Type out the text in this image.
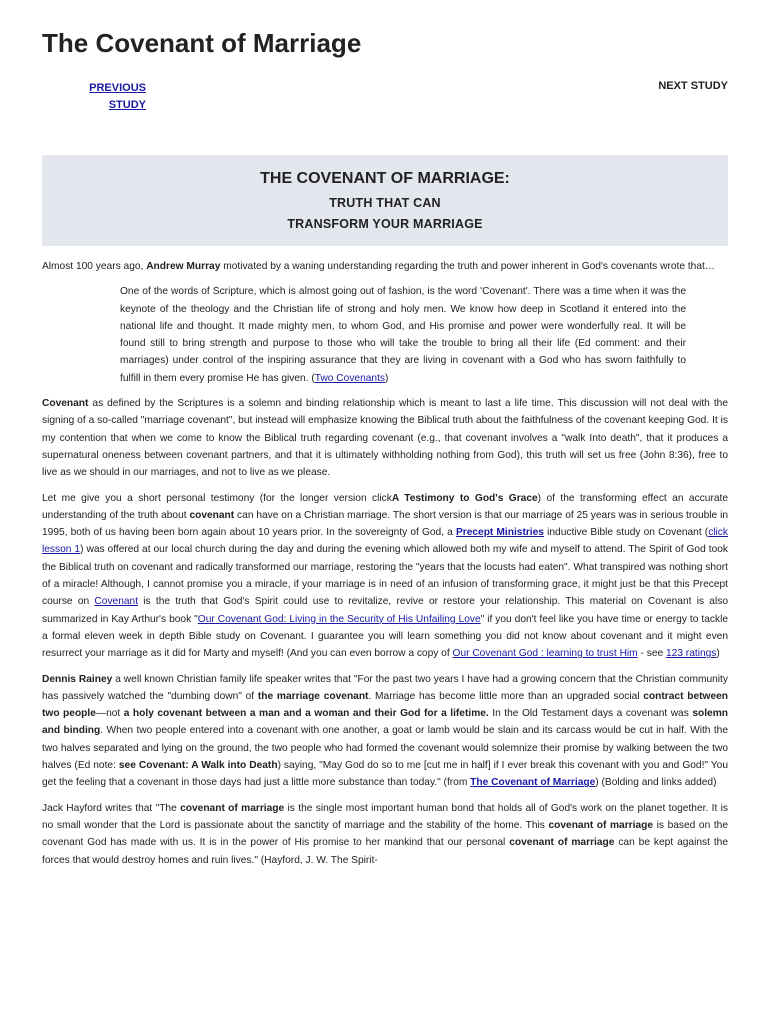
The Covenant of Marriage
PREVIOUS
STUDY
NEXT STUDY
THE COVENANT OF MARRIAGE:
TRUTH THAT CAN
TRANSFORM YOUR MARRIAGE

Almost 100 years ago, Andrew Murray motivated by a waning understanding regarding the truth and power inherent in God's covenants wrote that…

One of the words of Scripture, which is almost going out of fashion, is the word 'Covenant'. There was a time when it was the keynote of the theology and the Christian life of strong and holy men. We know how deep in Scotland it entered into the national life and thought. It made mighty men, to whom God, and His promise and power were wonderfully real. It will be found still to bring strength and purpose to those who will take the trouble to bring all their life (Ed comment: and their marriages) under control of the inspiring assurance that they are living in covenant with a God who has sworn faithfully to fulfill in them every promise He has given. (Two Covenants)

Covenant as defined by the Scriptures is a solemn and binding relationship which is meant to last a life time. This discussion will not deal with the signing of a so-called "marriage covenant", but instead will emphasize knowing the Biblical truth about the faithfulness of the covenant keeping God. It is my contention that when we come to know the Biblical truth regarding covenant (e.g., that covenant involves a "walk Into death", that it produces a supernatural oneness between covenant partners, and that it is ultimately withholding nothing from God), this truth will set us free (John 8:36), free to live as we should in our marriages, and not to live as we please.

Let me give you a short personal testimony (for the longer version clickA Testimony to God's Grace) of the transforming effect an accurate understanding of the truth about covenant can have on a Christian marriage. The short version is that our marriage of 25 years was in serious trouble in 1995, both of us having been born again about 10 years prior. In the sovereignty of God, a Precept Ministries inductive Bible study on Covenant (click lesson 1) was offered at our local church during the day and during the evening which allowed both my wife and myself to attend. The Spirit of God took the Biblical truth on covenant and radically transformed our marriage, restoring the "years that the locusts had eaten". What transpired was nothing short of a miracle! Although, I cannot promise you a miracle, if your marriage is in need of an infusion of transforming grace, it might just be that this Precept course on Covenant is the truth that God's Spirit could use to revitalize, revive or restore your relationship. This material on Covenant is also summarized in Kay Arthur's book "Our Covenant God: Living in the Security of His Unfailing Love" if you don't feel like you have time or energy to tackle a formal eleven week in depth Bible study on Covenant. I guarantee you will learn something you did not know about covenant and it might even resurrect your marriage as it did for Marty and myself! (And you can even borrow a copy of Our Covenant God : learning to trust Him - see 123 ratings)

Dennis Rainey a well known Christian family life speaker writes that "For the past two years I have had a growing concern that the Christian community has passively watched the "dumbing down" of the marriage covenant. Marriage has become little more than an upgraded social contract between two people—not a holy covenant between a man and a woman and their God for a lifetime. In the Old Testament days a covenant was solemn and binding. When two people entered into a covenant with one another, a goat or lamb would be slain and its carcass would be cut in half. With the two halves separated and lying on the ground, the two people who had formed the covenant would solemnize their promise by walking between the two halves (Ed note: see Covenant: A Walk into Death) saying, "May God do so to me [cut me in half] if I ever break this covenant with you and God!" You get the feeling that a covenant in those days had just a little more substance than today." (from The Covenant of Marriage) (Bolding and links added)

Jack Hayford writes that "The covenant of marriage is the single most important human bond that holds all of God's work on the planet together. It is no small wonder that the Lord is passionate about the sanctity of marriage and the stability of the home. This covenant of marriage is based on the covenant God has made with us. It is in the power of His promise to her mankind that our personal covenant of marriage can be kept against the forces that would destroy homes and ruin lives." (Hayford, J. W. The Spirit-
